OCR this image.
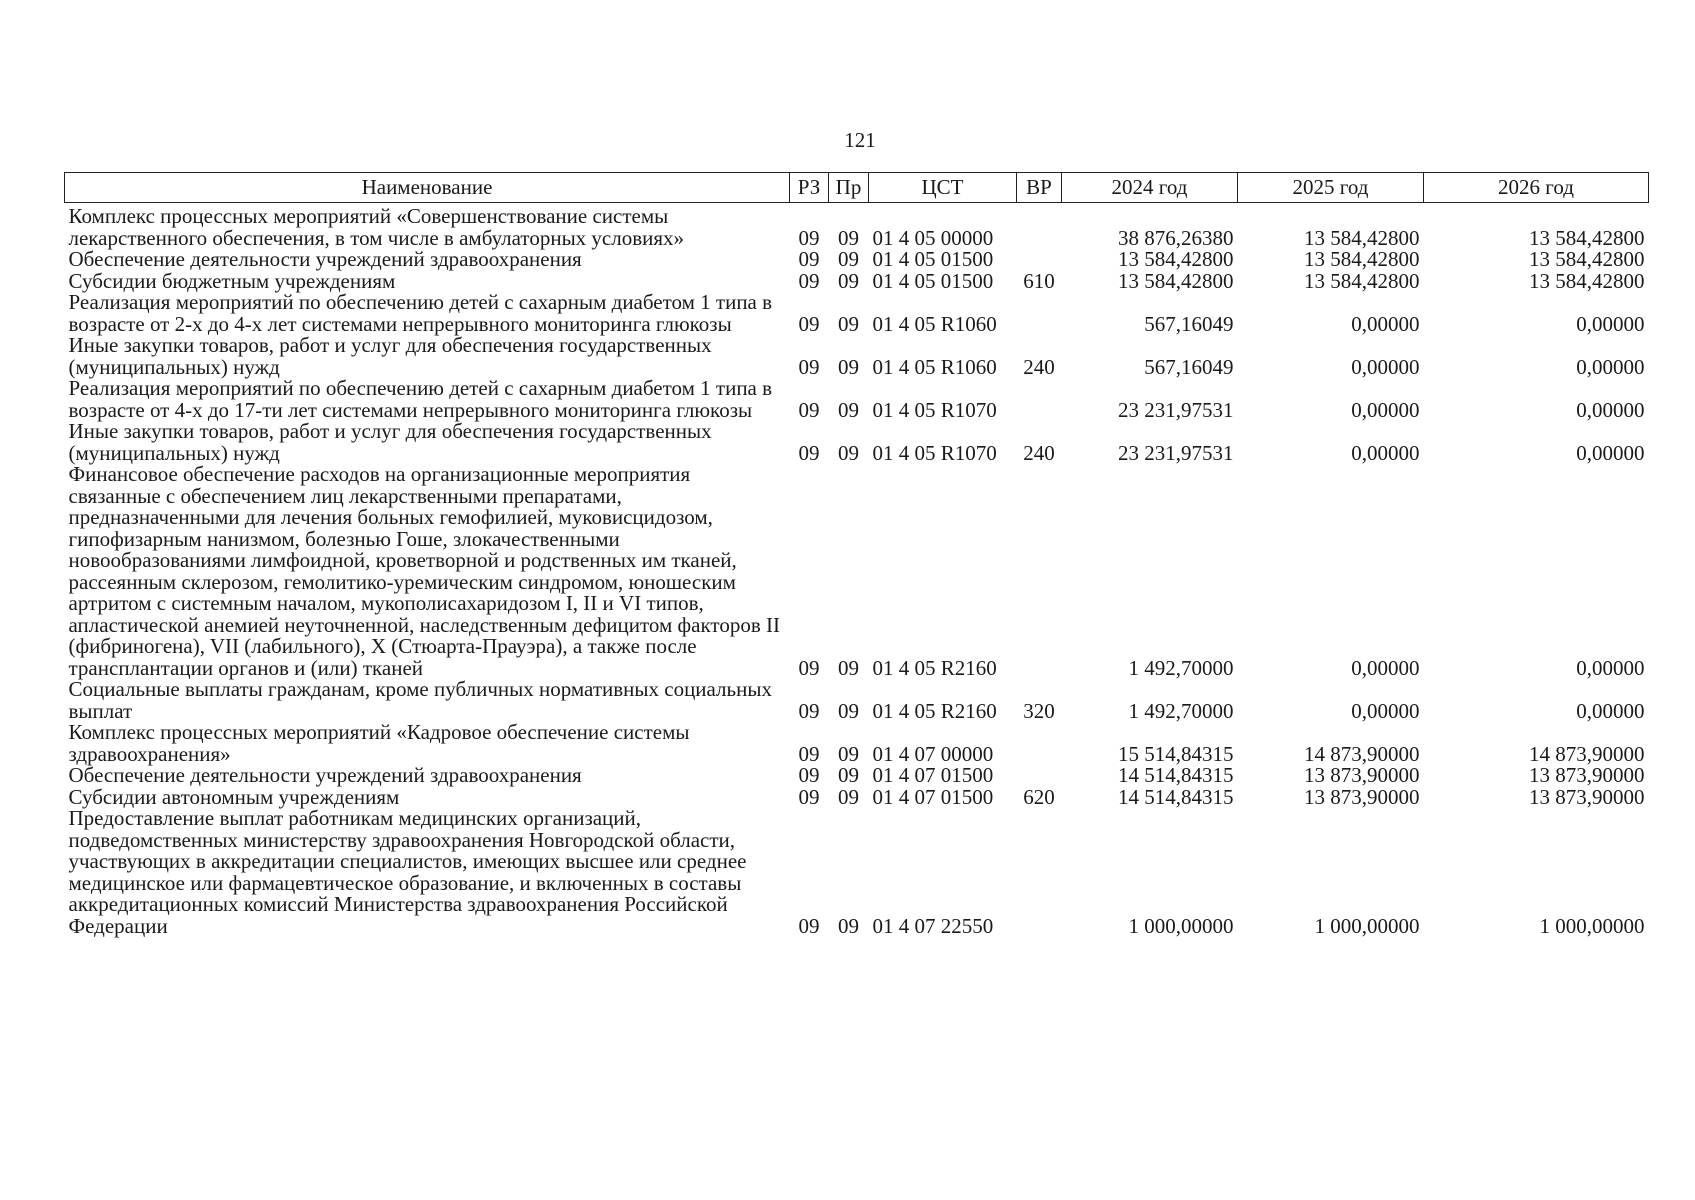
121
Наименование	РЗ	Пр	ЦСТ	ВР	2024 год	2025 год	2026 год
Комплекс процессных мероприятий «Совершенствование системы лекарственного обеспечения, в том числе в амбулаторных условиях»	09	09	01 4 05 00000		38 876,26380	13 584,42800	13 584,42800
Обеспечение деятельности учреждений здравоохранения	09	09	01 4 05 01500		13 584,42800	13 584,42800	13 584,42800
Субсидии бюджетным учреждениям	09	09	01 4 05 01500	610	13 584,42800	13 584,42800	13 584,42800
Реализация мероприятий по обеспечению детей с сахарным диабетом 1 типа в возрасте от 2-х до 4-х лет системами непрерывного мониторинга глюкозы	09	09	01 4 05 R1060		567,16049	0,00000	0,00000
Иные закупки товаров, работ и услуг для обеспечения государственных (муниципальных) нужд	09	09	01 4 05 R1060	240	567,16049	0,00000	0,00000
Реализация мероприятий по обеспечению детей с сахарным диабетом 1 типа в возрасте от 4-х до 17-ти лет системами непрерывного мониторинга глюкозы	09	09	01 4 05 R1070		23 231,97531	0,00000	0,00000
Иные закупки товаров, работ и услуг для обеспечения государственных (муниципальных) нужд	09	09	01 4 05 R1070	240	23 231,97531	0,00000	0,00000
Финансовое обеспечение расходов на организационные мероприятия связанные с обеспечением лиц лекарственными препаратами, предназначенными для лечения больных гемофилией, муковисцидозом, гипофизарным нанизмом, болезнью Гоше, злокачественными новообразованиями лимфоидной, кроветворной и родственных им тканей, рассеянным склерозом, гемолитико-уремическим синдромом, юношеским артритом с системным началом, мукополисахаридозом I, II и VI типов, апластической анемией неуточненной, наследственным дефицитом факторов II (фибриногена), VII (лабильного), X (Стюарта-Прауэра), а также после трансплантации органов и (или) тканей	09	09	01 4 05 R2160		1 492,70000	0,00000	0,00000
Социальные выплаты гражданам, кроме публичных нормативных социальных выплат	09	09	01 4 05 R2160	320	1 492,70000	0,00000	0,00000
Комплекс процессных мероприятий «Кадровое обеспечение системы здравоохранения»	09	09	01 4 07 00000		15 514,84315	14 873,90000	14 873,90000
Обеспечение деятельности учреждений здравоохранения	09	09	01 4 07 01500		14 514,84315	13 873,90000	13 873,90000
Субсидии автономным учреждениям	09	09	01 4 07 01500	620	14 514,84315	13 873,90000	13 873,90000
Предоставление выплат работникам медицинских организаций, подведомственных министерству здравоохранения Новгородской области, участвующих в аккредитации специалистов, имеющих высшее или среднее медицинское или фармацевтическое образование, и включенных в составы аккредитационных комиссий Министерства здравоохранения Российской Федерации	09	09	01 4 07 22550		1 000,00000	1 000,00000	1 000,00000
